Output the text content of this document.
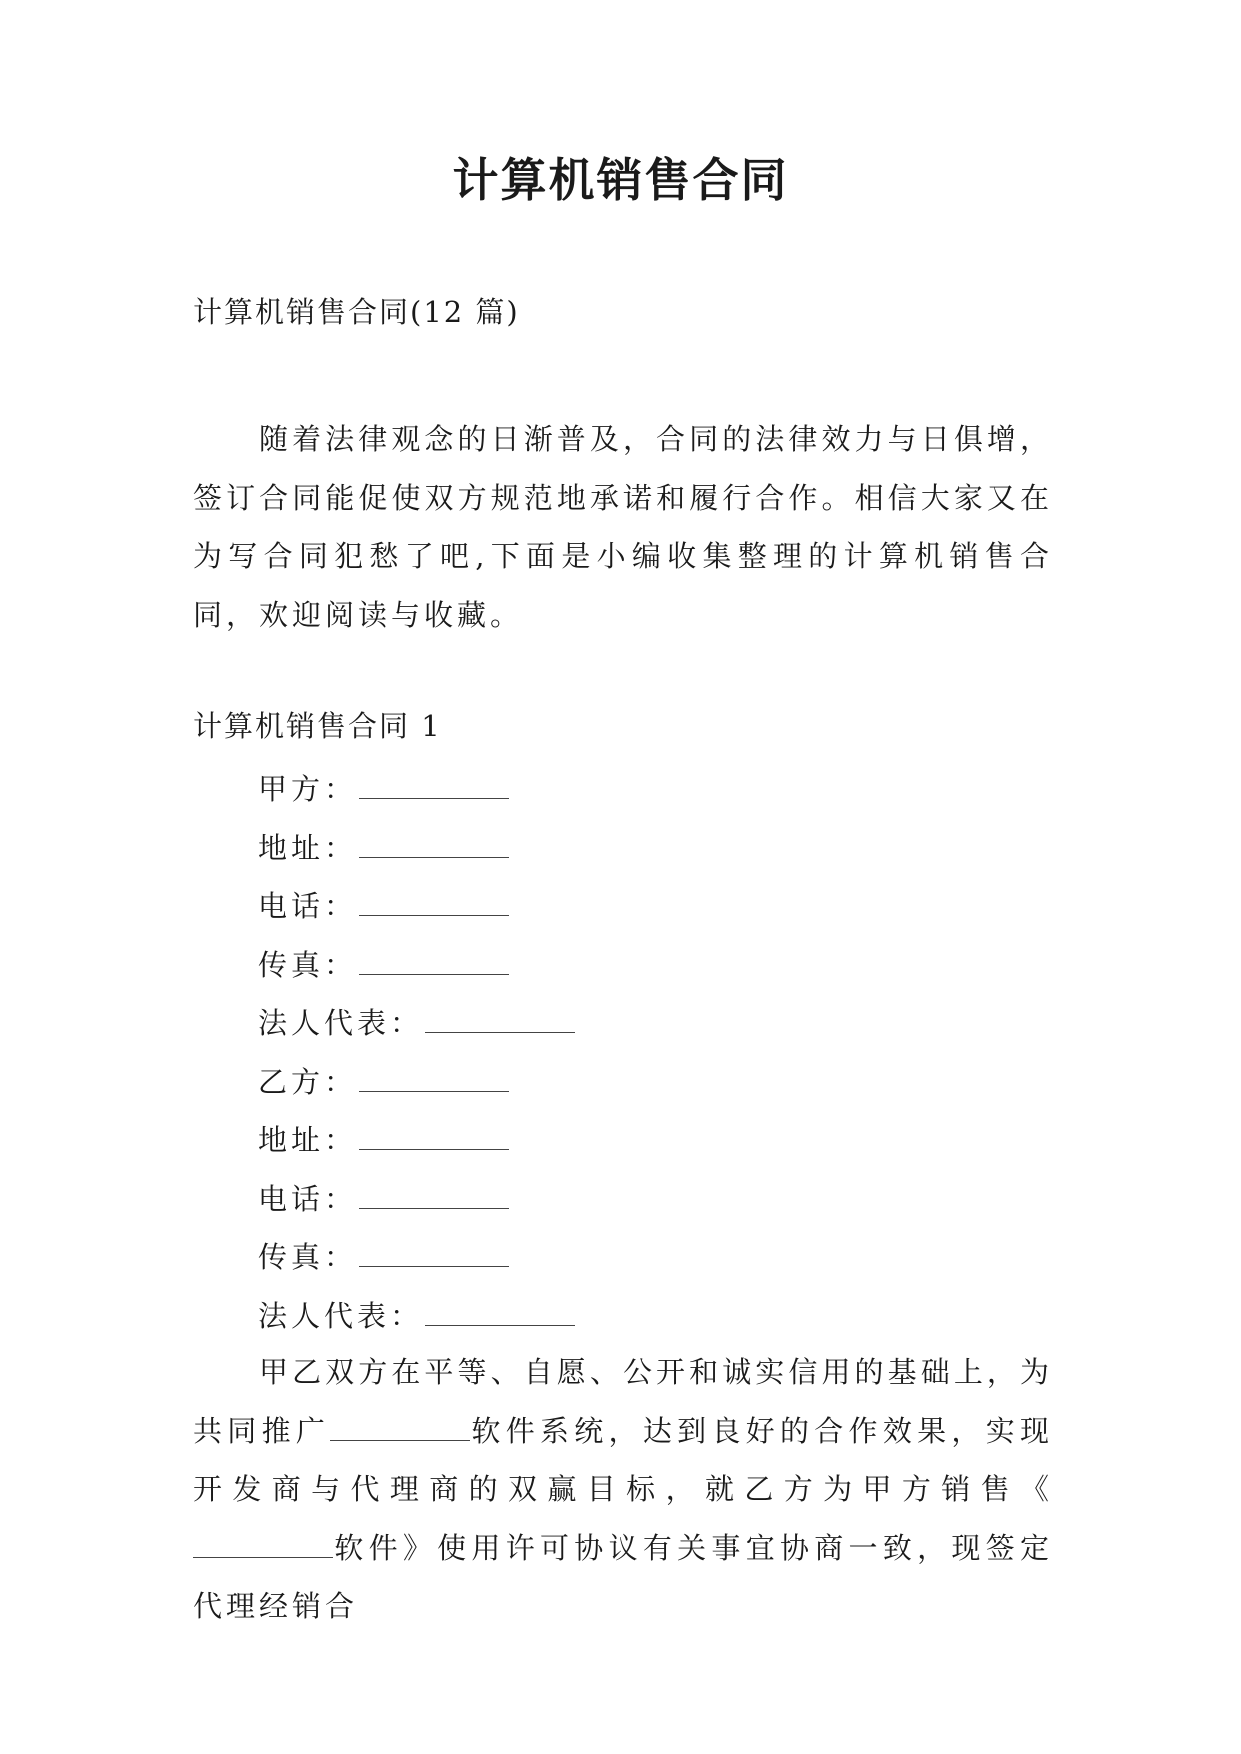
计算机销售合同

计算机销售合同(12 篇)

随着法律观念的日渐普及，合同的法律效力与日俱增，签订合同能促使双方规范地承诺和履行合作。相信大家又在为写合同犯愁了吧,下面是小编收集整理的计算机销售合同，欢迎阅读与收藏。

计算机销售合同 1

甲方：
地址：
电话：
传真：
法人代表：
乙方：
地址：
电话：
传真：
法人代表：

甲乙双方在平等、自愿、公开和诚实信用的基础上，为共同推广	软件系统，达到良好的合作效果，实现开发商与代理商的双赢目标，就乙方为甲方销售《软件》使用许可协议有关事宜协商一致，现签定代理经销合
